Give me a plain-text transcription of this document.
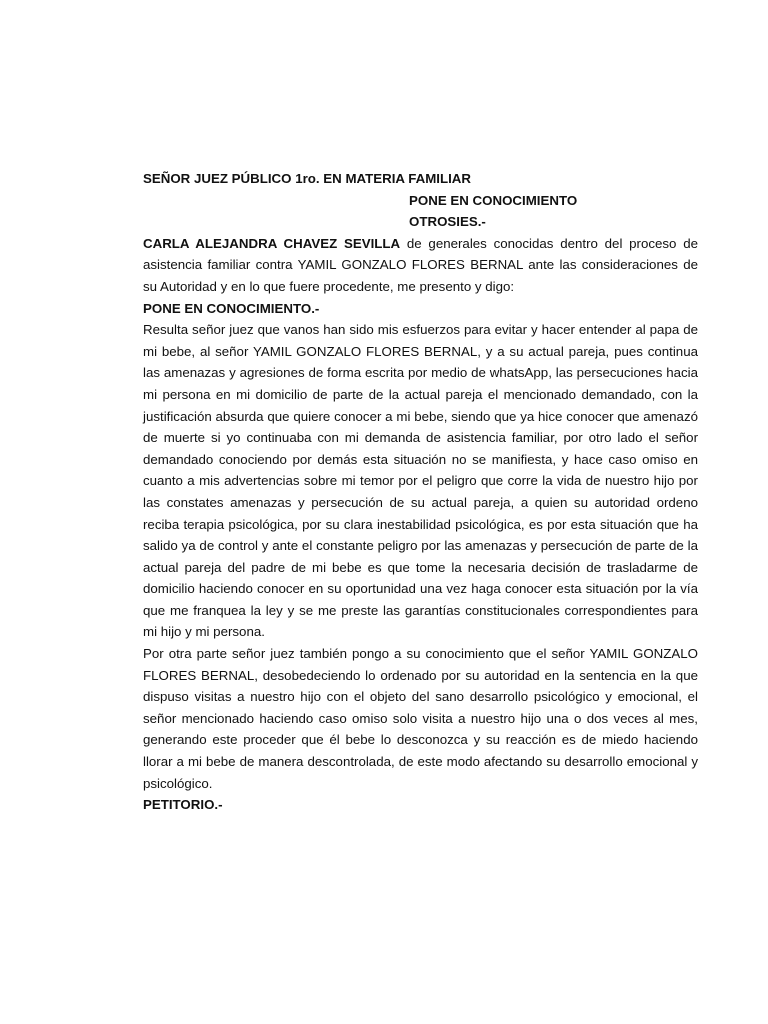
SEÑOR JUEZ PÚBLICO 1ro. EN MATERIA FAMILIAR
PONE EN CONOCIMIENTO
OTROSIES.-

CARLA ALEJANDRA CHAVEZ SEVILLA de generales conocidas dentro del proceso de asistencia familiar contra YAMIL GONZALO FLORES BERNAL ante las consideraciones de su Autoridad y en lo que fuere procedente, me presento y digo:

PONE EN CONOCIMIENTO.-

Resulta señor juez que vanos han sido mis esfuerzos para evitar y hacer entender al papa de mi bebe, al señor YAMIL GONZALO FLORES BERNAL, y a su actual pareja, pues continua las amenazas y agresiones de forma escrita por medio de whatsApp, las persecuciones hacia mi persona en mi domicilio de parte de la actual pareja el mencionado demandado, con la justificación absurda que quiere conocer a mi bebe, siendo que ya hice conocer que amenazó de muerte si yo continuaba con mi demanda de asistencia familiar, por otro lado el señor demandado conociendo por demás esta situación no se manifiesta, y hace caso omiso en cuanto a mis advertencias sobre mi temor por el peligro que corre la vida de nuestro hijo por las constates amenazas y persecución de su actual pareja, a quien su autoridad ordeno reciba terapia psicológica, por su clara inestabilidad psicológica, es por esta situación que ha salido ya de control y ante el constante peligro por las amenazas y persecución de parte de la actual pareja del padre de mi bebe es que tome la necesaria decisión de trasladarme de domicilio haciendo conocer en su oportunidad una vez haga conocer esta situación por la vía que me franquea la ley y se me preste las garantías constitucionales correspondientes para mi hijo y mi persona.

Por otra parte señor juez también pongo a su conocimiento que el señor YAMIL GONZALO FLORES BERNAL, desobedeciendo lo ordenado por su autoridad en la sentencia en la que dispuso visitas a nuestro hijo con el objeto del sano desarrollo psicológico y emocional, el señor mencionado haciendo caso omiso solo visita a nuestro hijo una o dos veces al mes, generando este proceder que él bebe lo desconozca y su reacción es de miedo haciendo llorar a mi bebe de manera descontrolada, de este modo afectando su desarrollo emocional y psicológico.

PETITORIO.-
